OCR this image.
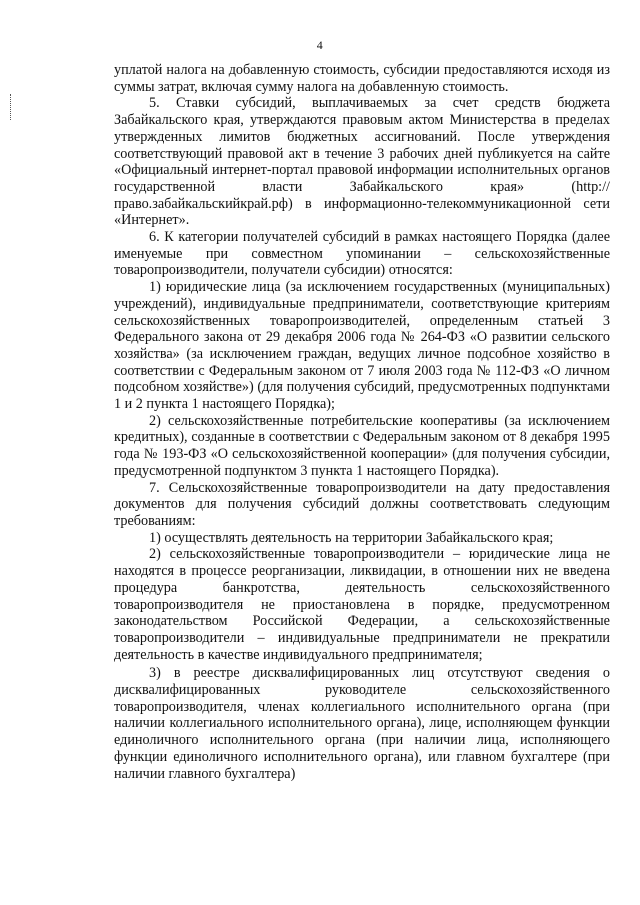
4

уплатой налога на добавленную стоимость, субсидии предоставляются исходя из суммы затрат, включая сумму налога на добавленную стоимость.

5. Ставки субсидий, выплачиваемых за счет средств бюджета Забайкальского края, утверждаются правовым актом Министерства в пределах утвержденных лимитов бюджетных ассигнований. После утверждения соответствующий правовой акт в течение 3 рабочих дней публикуется на сайте «Официальный интернет-портал правовой информации исполнительных органов государственной власти Забайкальского края» (http://право.забайкальскийкрай.рф) в информационно-телекоммуникационной сети «Интернет».

6. К категории получателей субсидий в рамках настоящего Порядка (далее именуемые при совместном упоминании – сельскохозяйственные товаропроизводители, получатели субсидии) относятся:

1) юридические лица (за исключением государственных (муниципальных) учреждений), индивидуальные предприниматели, соответствующие критериям сельскохозяйственных товаропроизводителей, определенным статьей 3 Федерального закона от 29 декабря 2006 года № 264-ФЗ «О развитии сельского хозяйства» (за исключением граждан, ведущих личное подсобное хозяйство в соответствии с Федеральным законом от 7 июля 2003 года № 112-ФЗ «О личном подсобном хозяйстве») (для получения субсидий, предусмотренных подпунктами 1 и 2 пункта 1 настоящего Порядка);

2) сельскохозяйственные потребительские кооперативы (за исключением кредитных), созданные в соответствии с Федеральным законом от 8 декабря 1995 года № 193-ФЗ «О сельскохозяйственной кооперации» (для получения субсидии, предусмотренной подпунктом 3 пункта 1 настоящего Порядка).

7. Сельскохозяйственные товаропроизводители на дату предоставления документов для получения субсидий должны соответствовать следующим требованиям:

1) осуществлять деятельность на территории Забайкальского края;

2) сельскохозяйственные товаропроизводители – юридические лица не находятся в процессе реорганизации, ликвидации, в отношении них не введена процедура банкротства, деятельность сельскохозяйственного товаропроизводителя не приостановлена в порядке, предусмотренном законодательством Российской Федерации, а сельскохозяйственные товаропроизводители – индивидуальные предприниматели не прекратили деятельность в качестве индивидуального предпринимателя;

3) в реестре дисквалифицированных лиц отсутствуют сведения о дисквалифицированных руководителе сельскохозяйственного товаропроизводителя, членах коллегиального исполнительного органа (при наличии коллегиального исполнительного органа), лице, исполняющем функции единоличного исполнительного органа (при наличии лица, исполняющего функции единоличного исполнительного органа), или главном бухгалтере (при наличии главного бухгалтера)
